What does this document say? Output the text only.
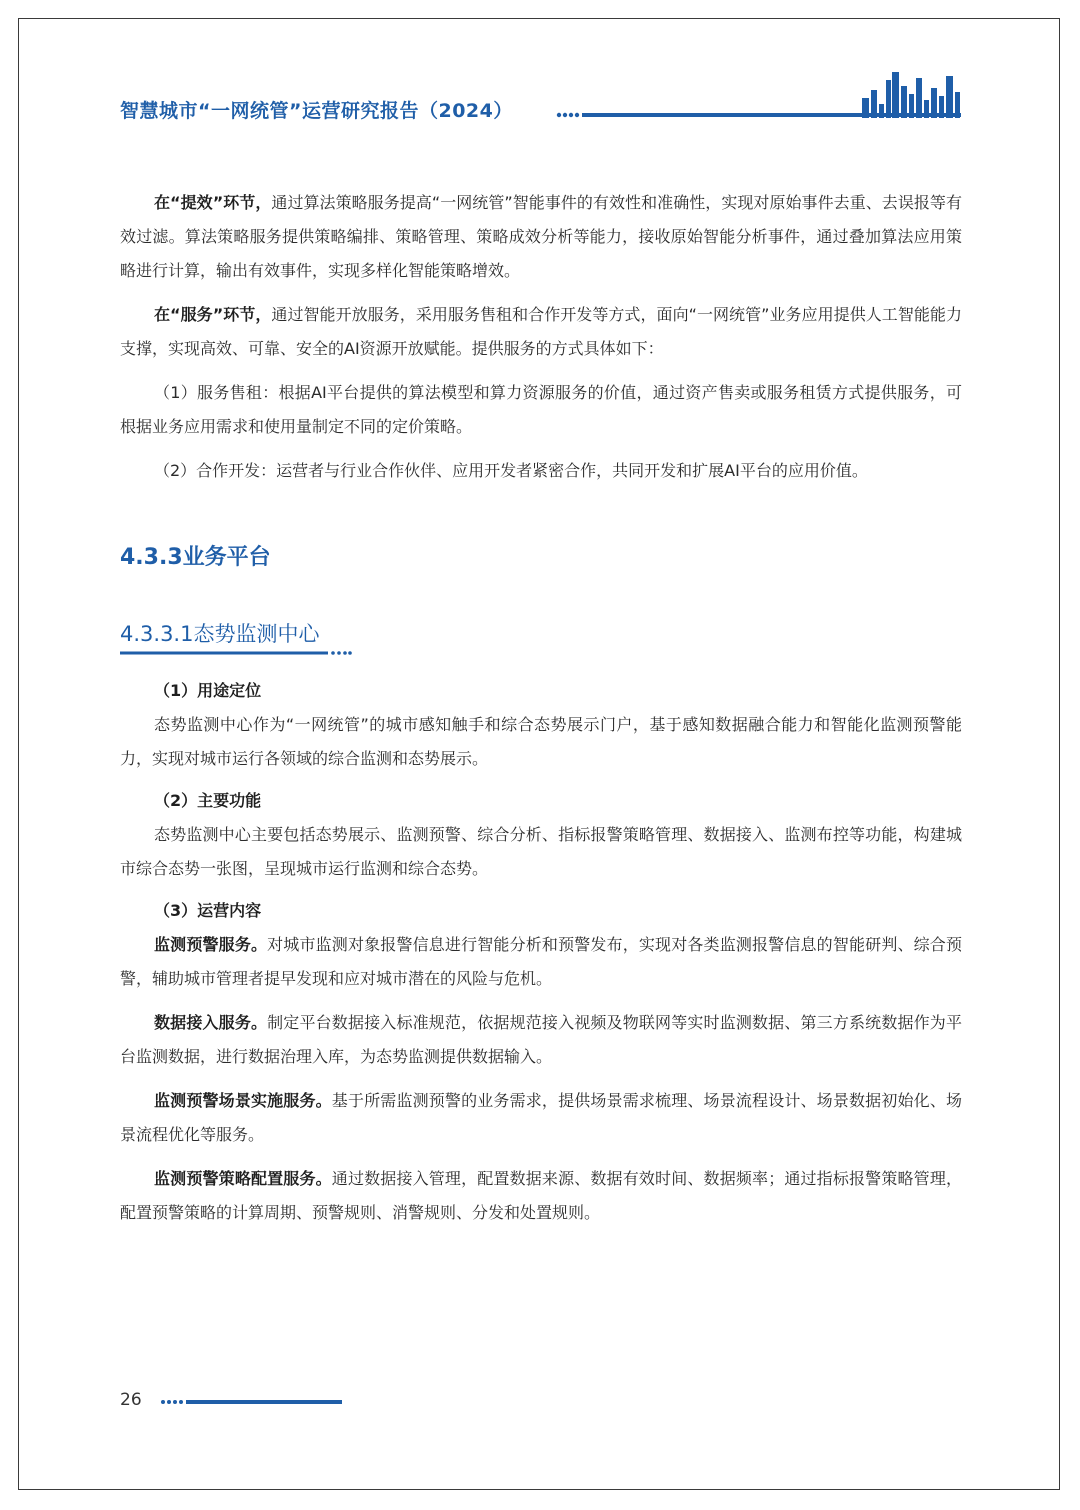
智慧城市“一网统管”运营研究报告（2024）

在“提效”环节，通过算法策略服务提高“一网统管”智能事件的有效性和准确性，实现对原始事件去重、去误报等有效过滤。算法策略服务提供策略编排、策略管理、策略成效分析等能力，接收原始智能分析事件，通过叠加算法应用策略进行计算，输出有效事件，实现多样化智能策略增效。

在“服务”环节，通过智能开放服务，采用服务售租和合作开发等方式，面向“一网统管”业务应用提供人工智能能力支撑，实现高效、可靠、安全的AI资源开放赋能。提供服务的方式具体如下：

（1）服务售租：根据AI平台提供的算法模型和算力资源服务的价值，通过资产售卖或服务租赁方式提供服务，可根据业务应用需求和使用量制定不同的定价策略。

（2）合作开发：运营者与行业合作伙伴、应用开发者紧密合作，共同开发和扩展AI平台的应用价值。

4.3.3业务平台
4.3.3.1态势监测中心

（1）用途定位

态势监测中心作为“一网统管”的城市感知触手和综合态势展示门户，基于感知数据融合能力和智能化监测预警能力，实现对城市运行各领域的综合监测和态势展示。

（2）主要功能

态势监测中心主要包括态势展示、监测预警、综合分析、指标报警策略管理、数据接入、监测布控等功能，构建城市综合态势一张图，呈现城市运行监测和综合态势。

（3）运营内容

监测预警服务。对城市监测对象报警信息进行智能分析和预警发布，实现对各类监测报警信息的智能研判、综合预警，辅助城市管理者提早发现和应对城市潜在的风险与危机。

数据接入服务。制定平台数据接入标准规范，依据规范接入视频及物联网等实时监测数据、第三方系统数据作为平台监测数据，进行数据治理入库，为态势监测提供数据输入。

监测预警场景实施服务。基于所需监测预警的业务需求，提供场景需求梳理、场景流程设计、场景数据初始化、场景流程优化等服务。

监测预警策略配置服务。通过数据接入管理，配置数据来源、数据有效时间、数据频率；通过指标报警策略管理，配置预警策略的计算周期、预警规则、消警规则、分发和处置规则。

26
